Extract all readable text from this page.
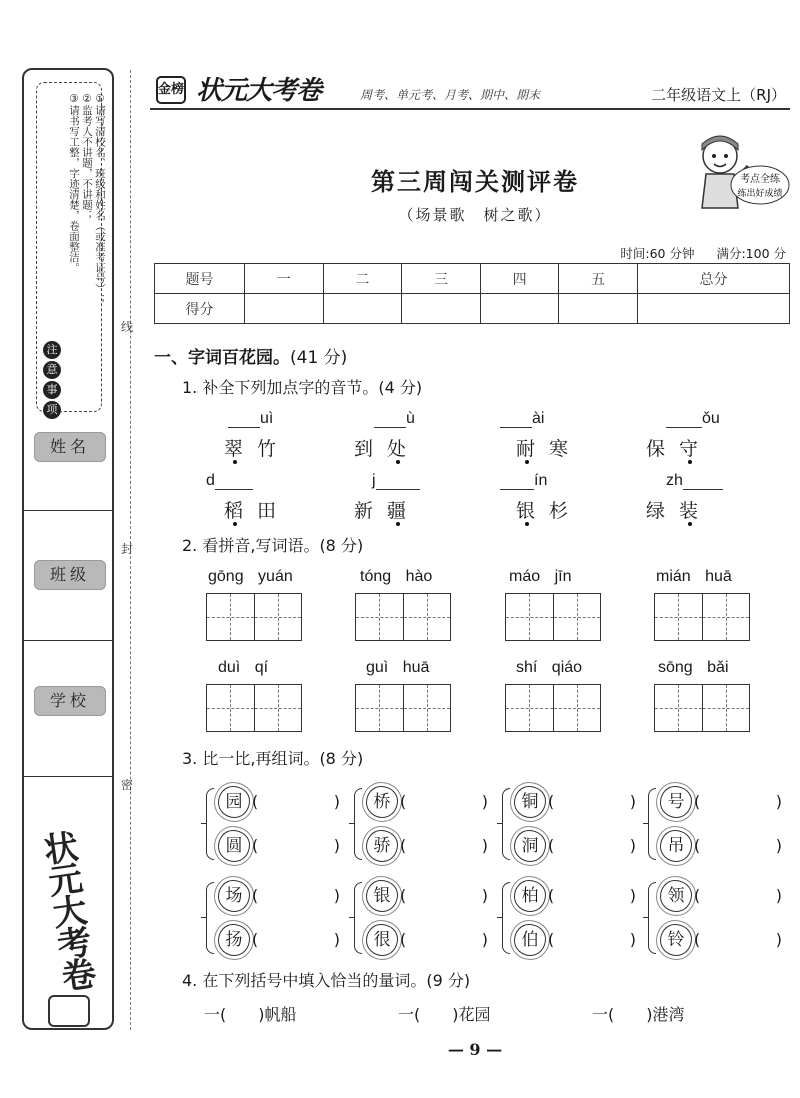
①请写清校名、班级和姓名（或准考证号）；
②监考人不讲题，不讲题；
③请书写工整，字迹清楚，卷面整洁。
注
意
事
项
姓名
班级
学校
状元大考卷
线
封
密
金榜 状元大考卷	周考、单元考、月考、期中、期末	二年级语文上（RJ）
第三周闯关测评卷
（场景歌　树之歌）
考点全练
练出好成绩
时间:60 分钟 满分:100 分
题号	一	二	三	四	五	总分
得分						
一、字词百花园。(41 分)
1. 补全下列加点字的音节。(4 分)
uì
翠竹
ù
到处
ài
耐寒
ǒu
保守
d
稻田
j
新疆
ín
银杉
zh
绿装
2. 看拼音,写词语。(8 分)
gōng yuán	tóng hào	máo jīn	mián huā
duì qí	guì huā	shí qiáo	sōng bǎi
3. 比一比,再组词。(8 分)
园 (	)
圆 (	)
桥 (	)
骄 (	)
铜 (	)
洞 (	)
号 (	)
吊 (	)
场 (	)
扬 (	)
银 (	)
很 (	)
柏 (	)
伯 (	)
领 (	)
铃 (	)
4. 在下列括号中填入恰当的量词。(9 分)
一(　　)帆船	一(　　)花园	一(　　)港湾
— 9 —
